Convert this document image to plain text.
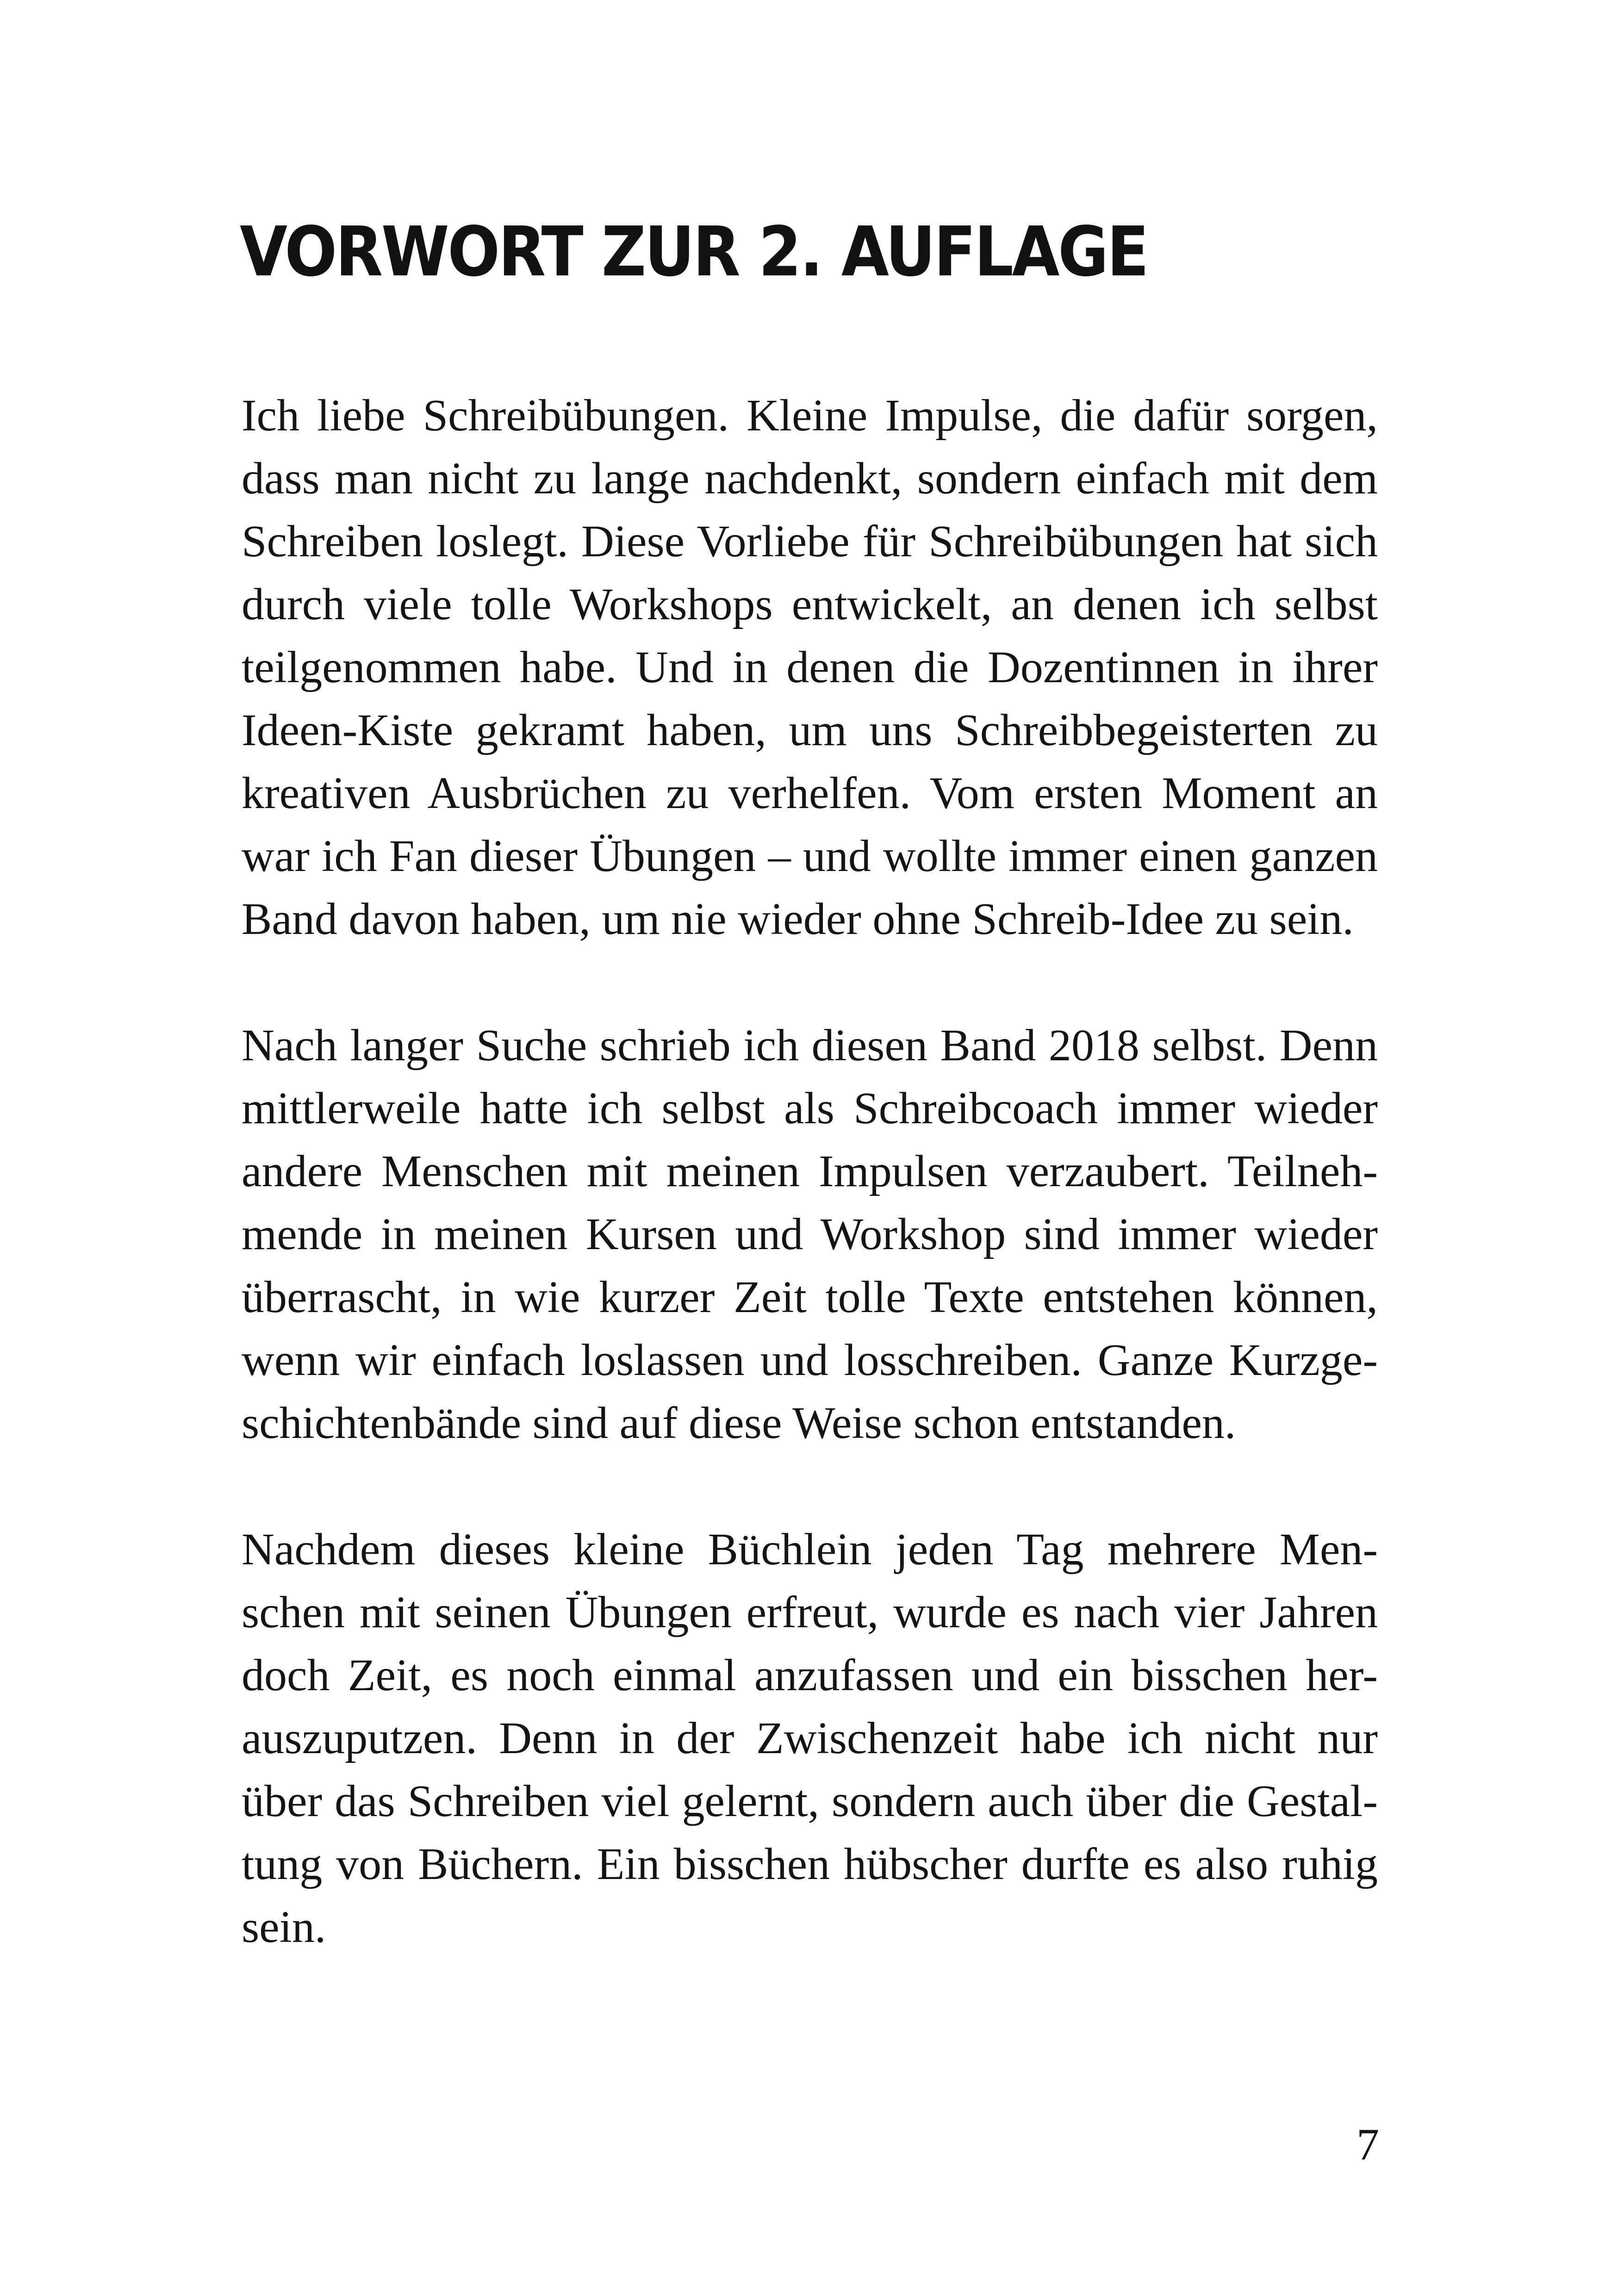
VORWORT ZUR 2. AUFLAGE
Ich liebe Schreibübungen. Kleine Impulse, die dafür sorgen,
dass man nicht zu lange nachdenkt, sondern einfach mit dem
Schreiben loslegt. Diese Vorliebe für Schreibübungen hat sich
durch viele tolle Workshops entwickelt, an denen ich selbst
teilgenommen habe. Und in denen die Dozentinnen in ihrer
Ideen-Kiste gekramt haben, um uns Schreibbegeisterten zu
kreativen Ausbrüchen zu verhelfen. Vom ersten Moment an
war ich Fan dieser Übungen – und wollte immer einen ganzen
Band davon haben, um nie wieder ohne Schreib-Idee zu sein.
Nach langer Suche schrieb ich diesen Band 2018 selbst. Denn
mittlerweile hatte ich selbst als Schreibcoach immer wieder
andere Menschen mit meinen Impulsen verzaubert. Teilneh-
mende in meinen Kursen und Workshop sind immer wieder
überrascht, in wie kurzer Zeit tolle Texte entstehen können,
wenn wir einfach loslassen und losschreiben. Ganze Kurzge-
schichtenbände sind auf diese Weise schon entstanden.
Nachdem dieses kleine Büchlein jeden Tag mehrere Men-
schen mit seinen Übungen erfreut, wurde es nach vier Jahren
doch Zeit, es noch einmal anzufassen und ein bisschen her-
auszuputzen. Denn in der Zwischenzeit habe ich nicht nur
über das Schreiben viel gelernt, sondern auch über die Gestal-
tung von Büchern. Ein bisschen hübscher durfte es also ruhig
sein.
7
